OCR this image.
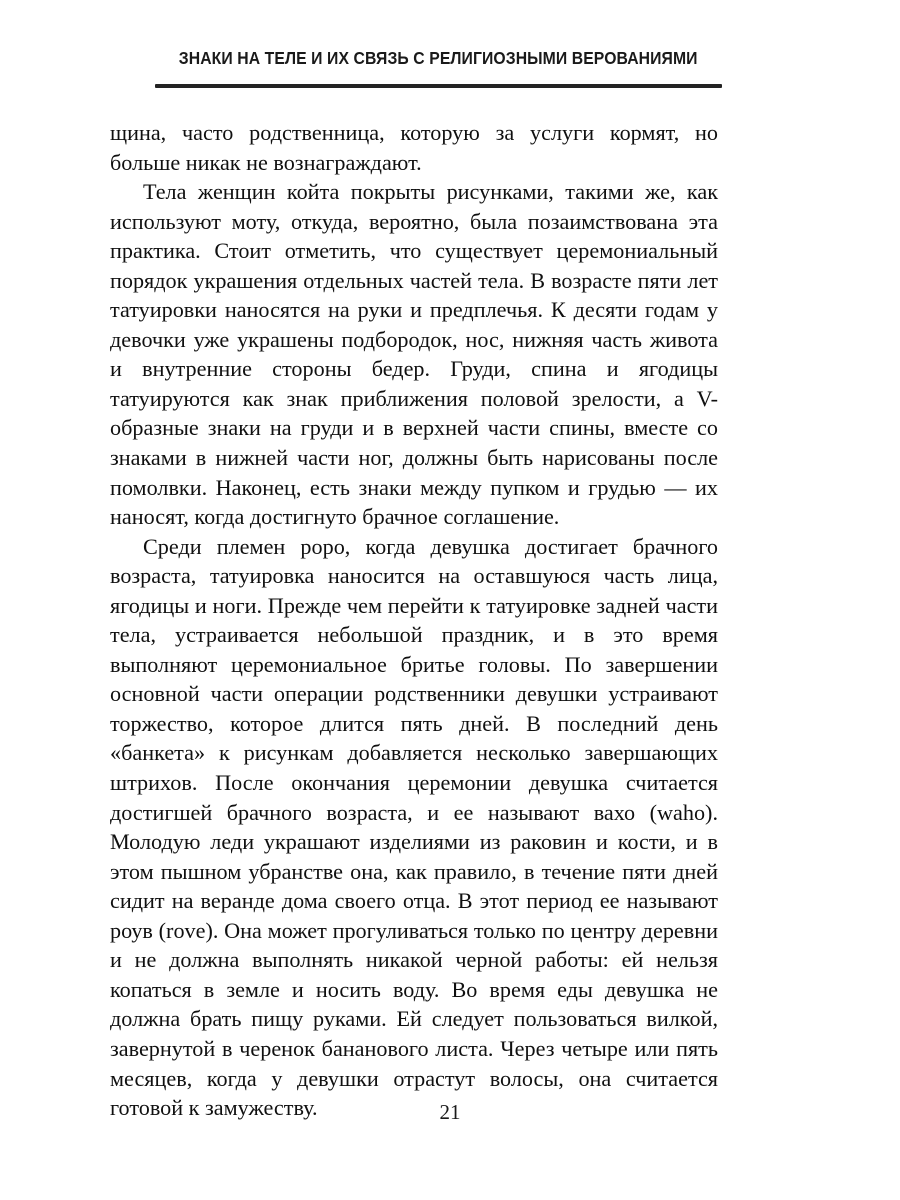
ЗНАКИ НА ТЕЛЕ И ИХ СВЯЗЬ С РЕЛИГИОЗНЫМИ ВЕРОВАНИЯМИ

щина, часто родственница, которую за услуги кормят, но больше никак не вознаграждают.

Тела женщин койта покрыты рисунками, такими же, как используют моту, откуда, вероятно, была позаимствована эта практика. Стоит отметить, что существует церемониальный порядок украшения отдельных частей тела. В возрасте пяти лет татуировки наносятся на руки и предплечья. К десяти годам у девочки уже украшены подбородок, нос, нижняя часть живота и внутренние стороны бедер. Груди, спина и ягодицы татуируются как знак приближения половой зрелости, а V-образные знаки на груди и в верхней части спины, вместе со знаками в нижней части ног, должны быть нарисованы после помолвки. Наконец, есть знаки между пупком и грудью — их наносят, когда достигнуто брачное соглашение.

Среди племен роро, когда девушка достигает брачного возраста, татуировка наносится на оставшуюся часть лица, ягодицы и ноги. Прежде чем перейти к татуировке задней части тела, устраивается небольшой праздник, и в это время выполняют церемониальное бритье головы. По завершении основной части операции родственники девушки устраивают торжество, которое длится пять дней. В последний день «банкета» к рисункам добавляется несколько завершающих штрихов. После окончания церемонии девушка считается достигшей брачного возраста, и ее называют вахо (waho). Молодую леди украшают изделиями из раковин и кости, и в этом пышном убранстве она, как правило, в течение пяти дней сидит на веранде дома своего отца. В этот период ее называют роув (rove). Она может прогуливаться только по центру деревни и не должна выполнять никакой черной работы: ей нельзя копаться в земле и носить воду. Во время еды девушка не должна брать пищу руками. Ей следует пользоваться вилкой, завернутой в черенок бананового листа. Через четыре или пять месяцев, когда у девушки отрастут волосы, она считается готовой к замужеству.	21
